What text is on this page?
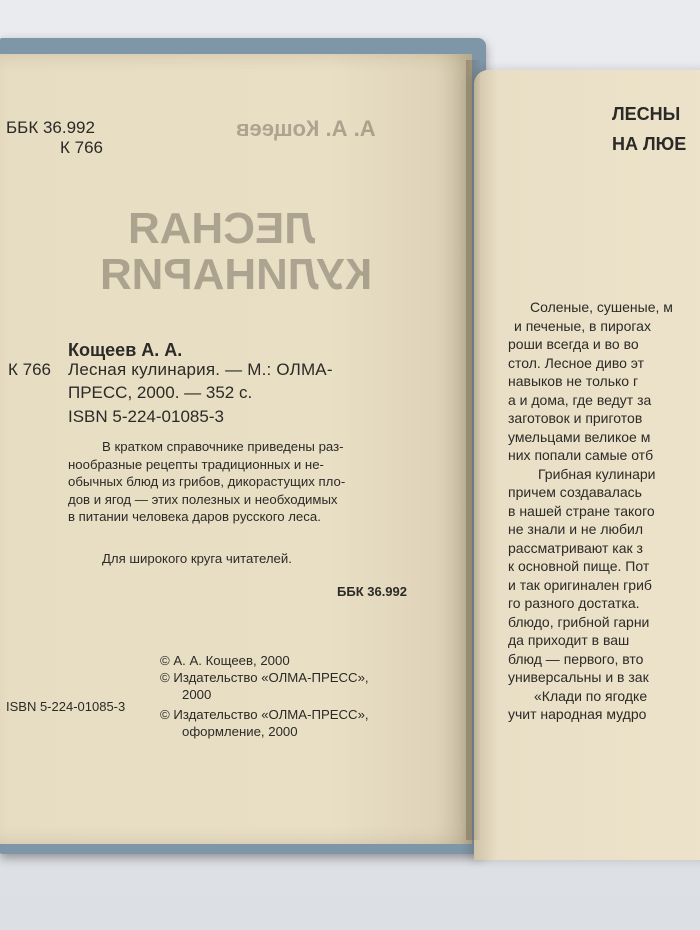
ББК 36.992
К 766
А. А. Кощеев
ЛЕСНАЯ
КУЛИНАРИЯ
Кощеев А. А.
К 766 Лесная кулинария. — М.: ОЛМА-
ПРЕСС, 2000. — 352 с.
ISBN 5-224-01085-3
В кратком справочнике приведены раз-
нообразные рецепты традиционных и не-
обычных блюд из грибов, дикорастущих пло-
дов и ягод — этих полезных и необходимых
в питании человека даров русского леса.
Для широкого круга читателей.
ББК 36.992
© А. А. Кощеев, 2000
© Издательство «ОЛМА-ПРЕСС»,
2000
© Издательство «ОЛМА-ПРЕСС»,
оформление, 2000
ISBN 5-224-01085-3
ЛЕСНЫ
НА ЛЮЕ
Соленые, сушеные, м
и печеные, в пирогах
роши всегда и во во
стол. Лесное диво эт
навыков не только г
а и дома, где ведут за
заготовок и приготов
умельцами великое м
них попали самые отб
Грибная кулинари
причем создавалась
в нашей стране такого
не знали и не любил
рассматривают как з
к основной пище. Пот
и так оригинален гриб
го разного достатка.
блюдо, грибной гарни
да приходит в ваш
блюд — первого, вто
универсальны и в зак
«Клади по ягодке
учит народная мудро
